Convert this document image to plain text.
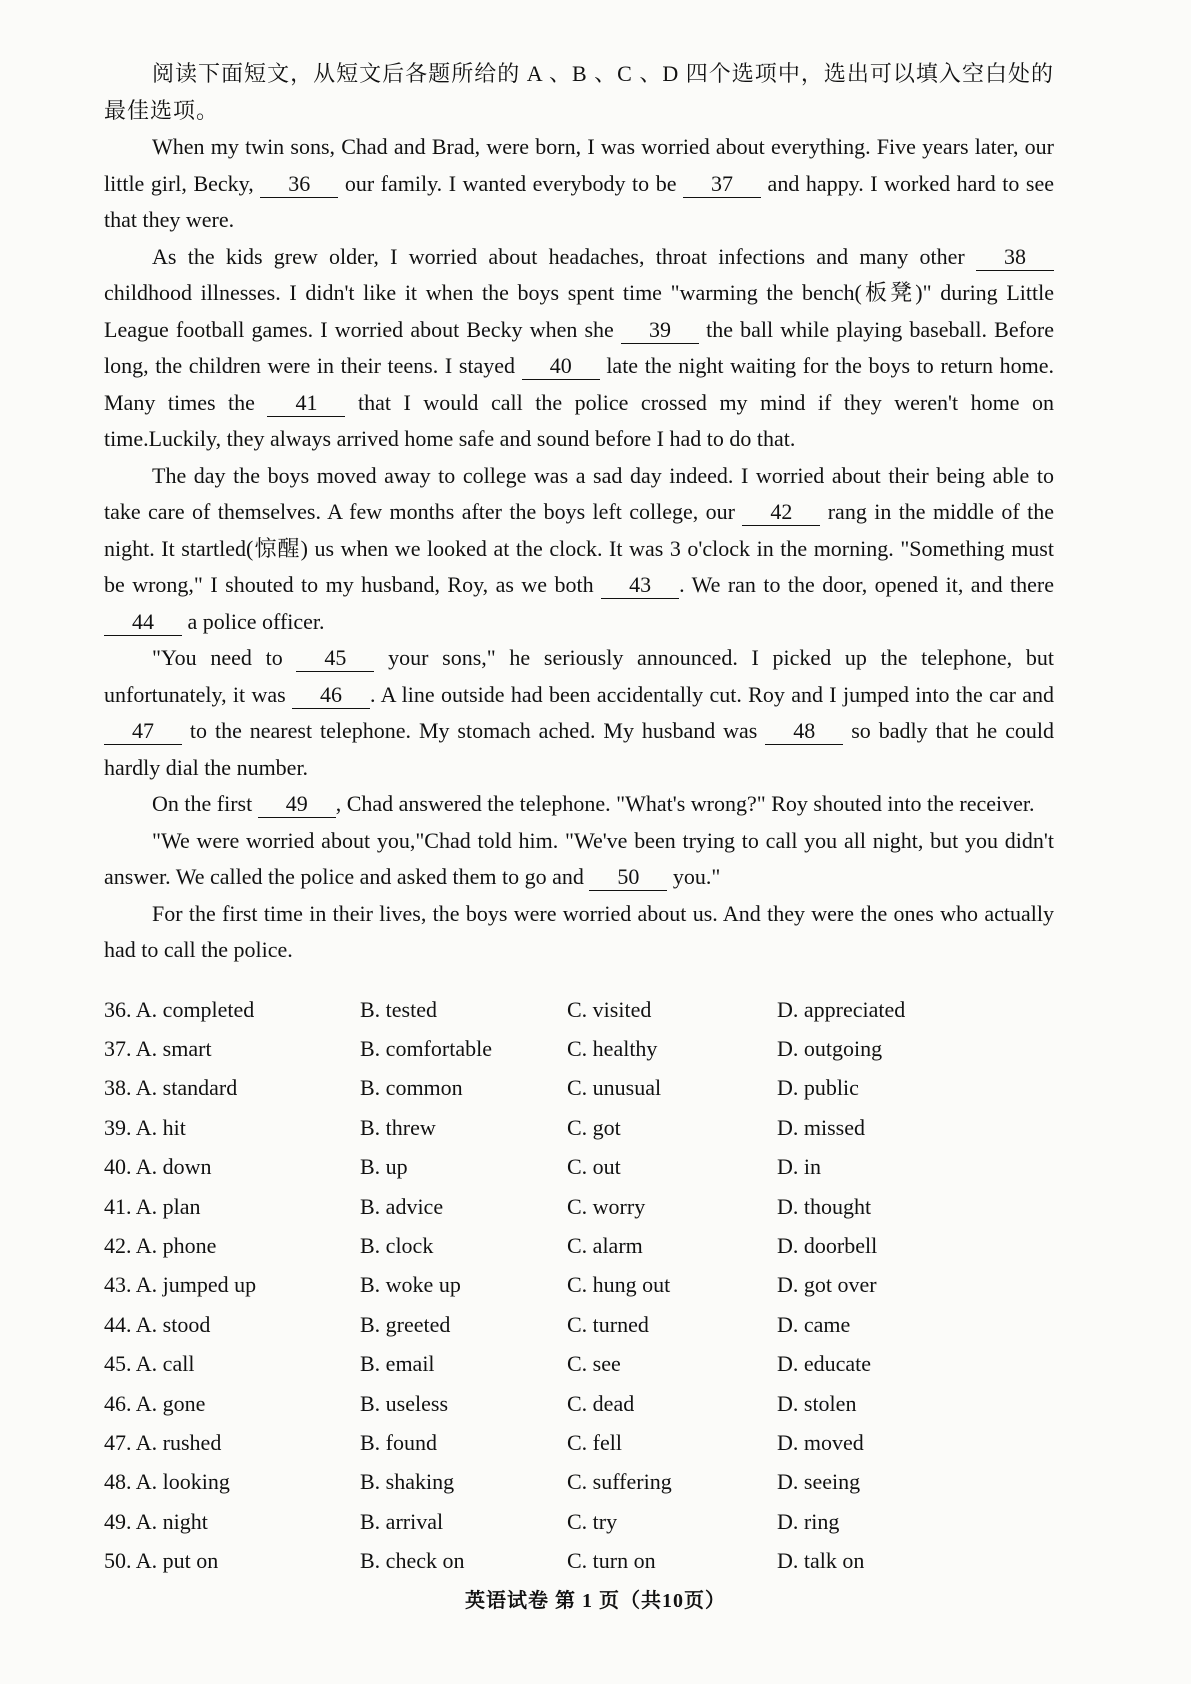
阅读下面短文，从短文后各题所给的 A 、B 、C 、D 四个选项中，选出可以填入空白处的最佳选项。

When my twin sons, Chad and Brad, were born, I was worried about everything. Five years later, our little girl, Becky, 36 our family. I wanted everybody to be 37 and happy. I worked hard to see that they were.

As the kids grew older, I worried about headaches, throat infections and many other 38 childhood illnesses. I didn't like it when the boys spent time "warming the bench(板凳)" during Little League football games. I worried about Becky when she 39 the ball while playing baseball. Before long, the children were in their teens. I stayed 40 late the night waiting for the boys to return home. Many times the 41 that I would call the police crossed my mind if they weren't home on time.Luckily, they always arrived home safe and sound before I had to do that.

The day the boys moved away to college was a sad day indeed. I worried about their being able to take care of themselves. A few months after the boys left college, our 42 rang in the middle of the night. It startled(惊醒) us when we looked at the clock. It was 3 o'clock in the morning. "Something must be wrong," I shouted to my husband, Roy, as we both 43 . We ran to the door, opened it, and there 44 a police officer.

"You need to 45 your sons," he seriously announced. I picked up the telephone, but unfortunately, it was 46 . A line outside had been accidentally cut. Roy and I jumped into the car and 47 to the nearest telephone. My stomach ached. My husband was 48 so badly that he could hardly dial the number.

On the first 49 , Chad answered the telephone. "What's wrong?" Roy shouted into the receiver.

"We were worried about you,"Chad told him. "We've been trying to call you all night, but you didn't answer. We called the police and asked them to go and 50 you."

For the first time in their lives, the boys were worried about us. And they were the ones who actually had to call the police.

36. A. completed	B. tested	C. visited	D. appreciated
37. A. smart	B. comfortable	C. healthy	D. outgoing
38. A. standard	B. common	C. unusual	D. public
39. A. hit	B. threw	C. got	D. missed
40. A. down	B. up	C. out	D. in
41. A. plan	B. advice	C. worry	D. thought
42. A. phone	B. clock	C. alarm	D. doorbell
43. A. jumped up	B. woke up	C. hung out	D. got over
44. A. stood	B. greeted	C. turned	D. came
45. A. call	B. email	C. see	D. educate
46. A. gone	B. useless	C. dead	D. stolen
47. A. rushed	B. found	C. fell	D. moved
48. A. looking	B. shaking	C. suffering	D. seeing
49. A. night	B. arrival	C. try	D. ring
50. A. put on	B. check on	C. turn on	D. talk on
英语试卷 第 1 页（共10页）
